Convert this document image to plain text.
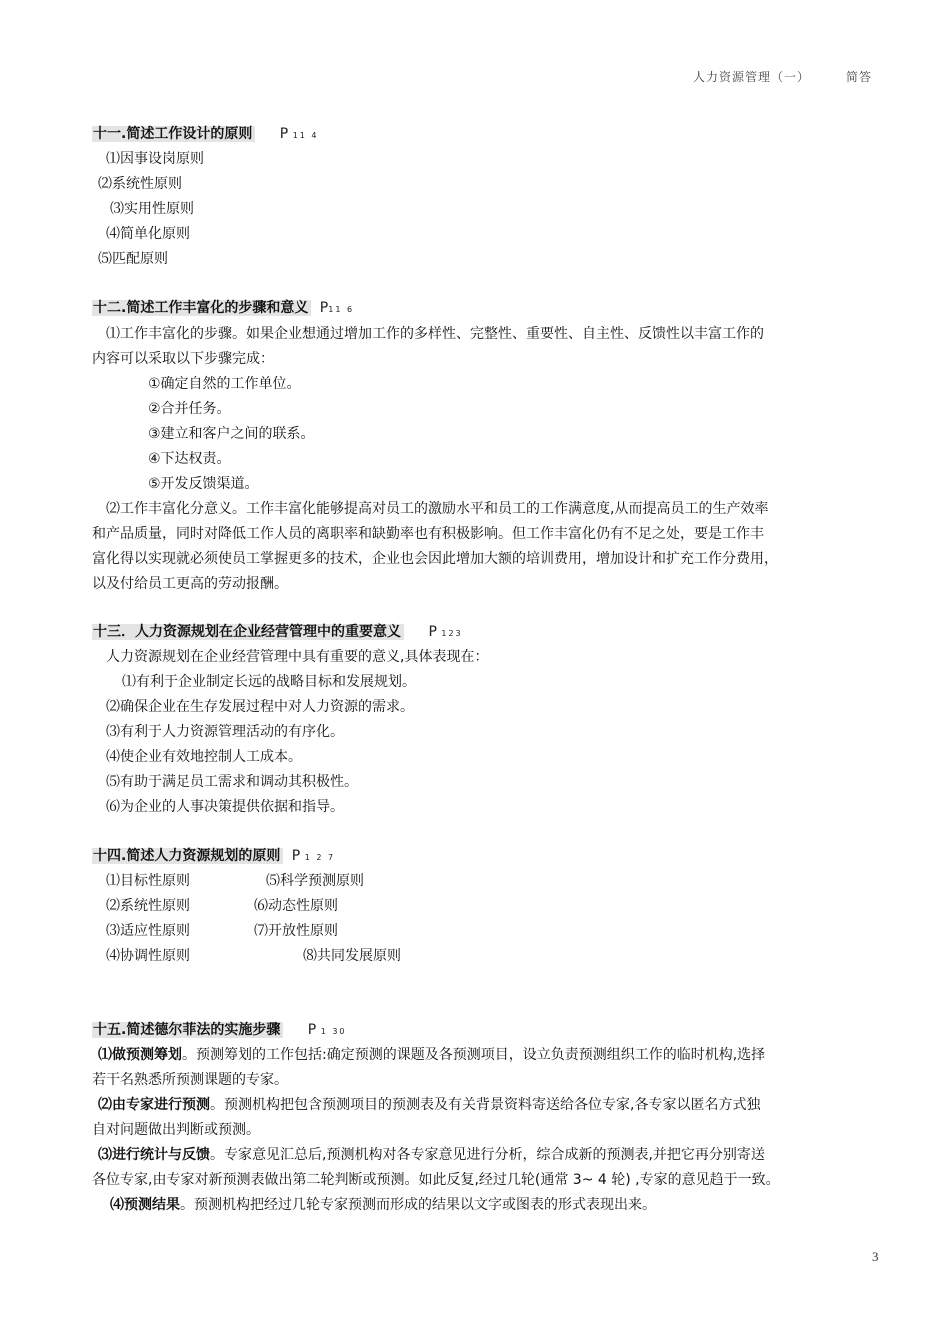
人力资源管理（一）	简答
十一.简述工作设计的原则 P 11 4
⑴因事设岗原则
⑵系统性原则
⑶实用性原则
⑷简单化原则
⑸匹配原则
十二.简述工作丰富化的步骤和意义 P11 6
⑴工作丰富化的步骤。如果企业想通过增加工作的多样性、完整性、重要性、自主性、反馈性以丰富工作的
内容可以采取以下步骤完成：
①确定自然的工作单位。
②合并任务。
③建立和客户之间的联系。
④下达权责。
⑤开发反馈渠道。
⑵工作丰富化分意义。工作丰富化能够提高对员工的激励水平和员工的工作满意度,从而提高员工的生产效率
和产品质量，同时对降低工作人员的离职率和缺勤率也有积极影响。但工作丰富化仍有不足之处，要是工作丰
富化得以实现就必须使员工掌握更多的技术，企业也会因此增加大额的培训费用，增加设计和扩充工作分费用，
以及付给员工更高的劳动报酬。
十三．人力资源规划在企业经营管理中的重要意义 P 123
人力资源规划在企业经营管理中具有重要的意义,具体表现在：
⑴有利于企业制定长远的战略目标和发展规划。
⑵确保企业在生存发展过程中对人力资源的需求。
⑶有利于人力资源管理活动的有序化。
⑷使企业有效地控制人工成本。
⑸有助于满足员工需求和调动其积极性。
⑹为企业的人事决策提供依据和指导。
十四.简述人力资源规划的原则 P 1 2 7
⑴目标性原则	⑸科学预测原则
⑵系统性原则	⑹动态性原则
⑶适应性原则	⑺开放性原则
⑷协调性原则	⑻共同发展原则
十五.简述德尔菲法的实施步骤 P 1 30
⑴做预测筹划。预测筹划的工作包括:确定预测的课题及各预测项目，设立负责预测组织工作的临时机构,选择
若干名熟悉所预测课题的专家。
⑵由专家进行预测。预测机构把包含预测项目的预测表及有关背景资料寄送给各位专家,各专家以匿名方式独
自对问题做出判断或预测。
⑶进行统计与反馈。专家意见汇总后,预测机构对各专家意见进行分析，综合成新的预测表,并把它再分别寄送
各位专家,由专家对新预测表做出第二轮判断或预测。如此反复,经过几轮(通常 3~ 4 轮) ,专家的意见趋于一致。
⑷预测结果。预测机构把经过几轮专家预测而形成的结果以文字或图表的形式表现出来。
3
